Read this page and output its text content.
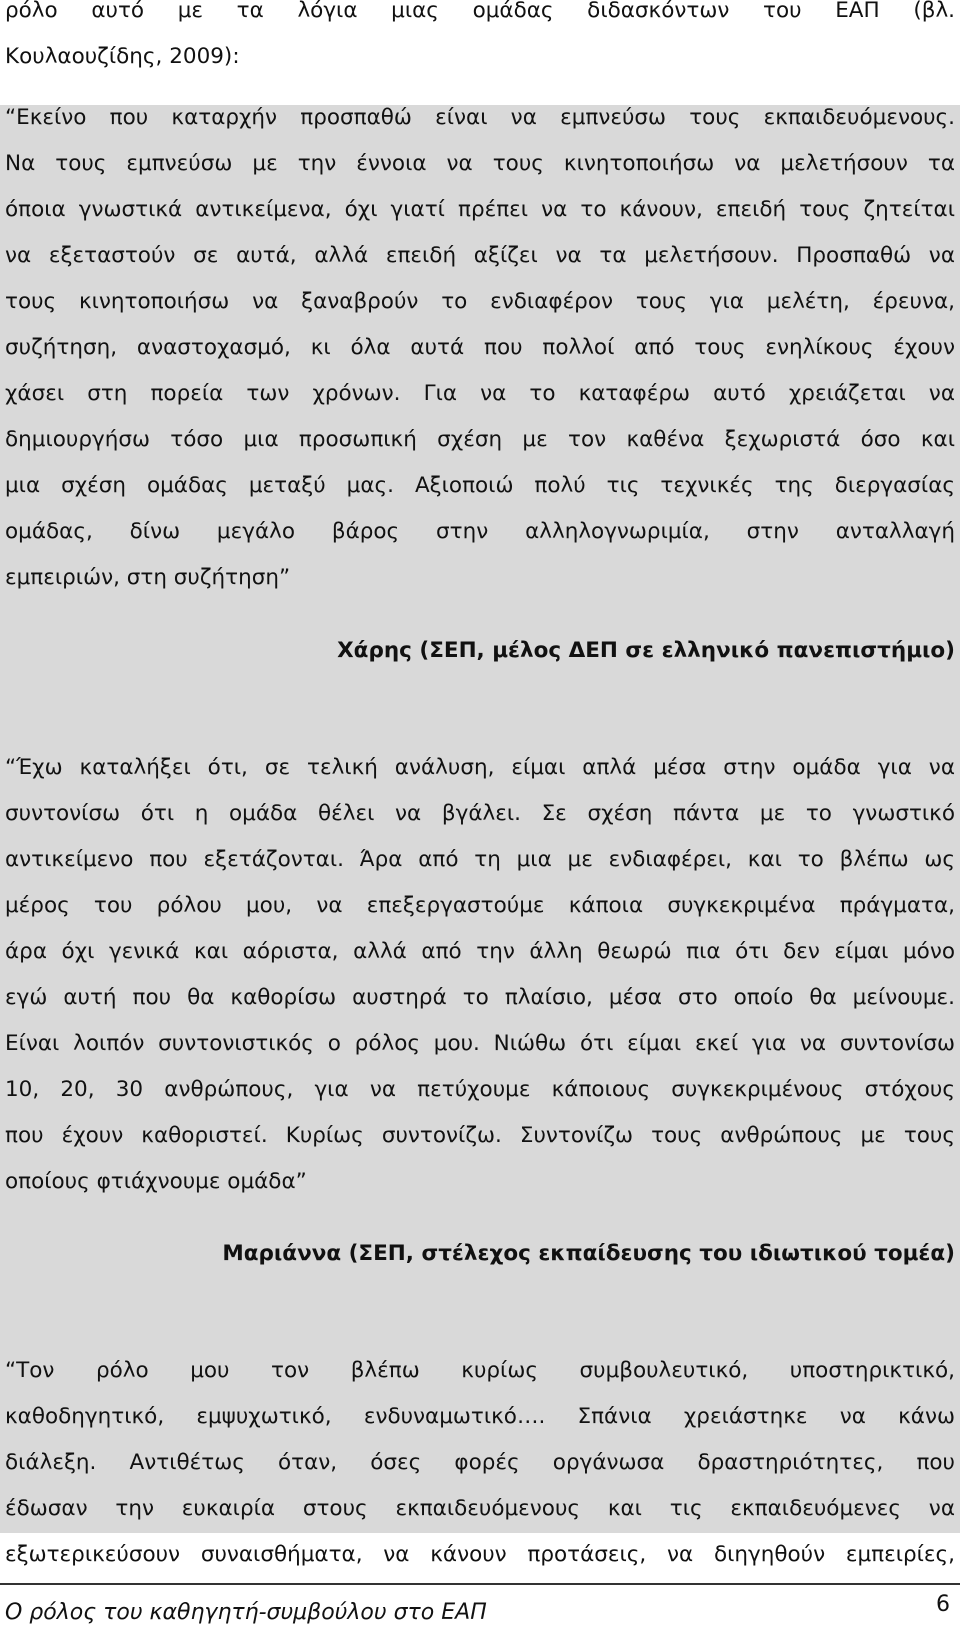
ρόλο αυτό με τα λόγια μιας ομάδας διδασκόντων του ΕΑΠ (βλ.
Κουλαουζίδης, 2009):
“Εκείνο που καταρχήν προσπαθώ είναι να εμπνεύσω τους εκπαιδευόμενους.
Να τους εμπνεύσω με την έννοια να τους κινητοποιήσω να μελετήσουν τα
όποια γνωστικά αντικείμενα, όχι γιατί πρέπει να το κάνουν, επειδή τους ζητείται
να εξεταστούν σε αυτά, αλλά επειδή αξίζει να τα μελετήσουν. Προσπαθώ να
τους κινητοποιήσω να ξαναβρούν το ενδιαφέρον τους για μελέτη, έρευνα,
συζήτηση, αναστοχασμό, κι όλα αυτά που πολλοί από τους ενηλίκους έχουν
χάσει στη πορεία των χρόνων. Για να το καταφέρω αυτό χρειάζεται να
δημιουργήσω τόσο μια προσωπική σχέση με τον καθένα ξεχωριστά όσο και
μια σχέση ομάδας μεταξύ μας. Αξιοποιώ πολύ τις τεχνικές της διεργασίας
ομάδας, δίνω μεγάλο βάρος στην αλληλογνωριμία, στην ανταλλαγή
εμπειριών, στη συζήτηση”
Χάρης (ΣΕΠ, μέλος ΔΕΠ σε ελληνικό πανεπιστήμιο)
“Έχω καταλήξει ότι, σε τελική ανάλυση, είμαι απλά μέσα στην ομάδα για να
συντονίσω ότι η ομάδα θέλει να βγάλει. Σε σχέση πάντα με το γνωστικό
αντικείμενο που εξετάζονται. Άρα από τη μια με ενδιαφέρει, και το βλέπω ως
μέρος του ρόλου μου, να επεξεργαστούμε κάποια συγκεκριμένα πράγματα,
άρα όχι γενικά και αόριστα, αλλά από την άλλη θεωρώ πια ότι δεν είμαι μόνο
εγώ αυτή που θα καθορίσω αυστηρά το πλαίσιο, μέσα στο οποίο θα μείνουμε.
Είναι λοιπόν συντονιστικός ο ρόλος μου. Νιώθω ότι είμαι εκεί για να συντονίσω
10, 20, 30 ανθρώπους, για να πετύχουμε κάποιους συγκεκριμένους στόχους
που έχουν καθοριστεί. Κυρίως συντονίζω. Συντονίζω τους ανθρώπους με τους
οποίους φτιάχνουμε ομάδα”
Μαριάννα (ΣΕΠ, στέλεχος εκπαίδευσης του ιδιωτικού τομέα)
“Τον ρόλο μου τον βλέπω κυρίως συμβουλευτικό, υποστηρικτικό,
καθοδηγητικό, εμψυχωτικό, ενδυναμωτικό…. Σπάνια χρειάστηκε να κάνω
διάλεξη. Αντιθέτως όταν, όσες φορές οργάνωσα δραστηριότητες, που
έδωσαν την ευκαιρία στους εκπαιδευόμενους και τις εκπαιδευόμενες να
εξωτερικεύσουν συναισθήματα, να κάνουν προτάσεις, να διηγηθούν εμπειρίες,
Ο ρόλος του καθηγητή-συμβούλου στο ΕΑΠ	6
